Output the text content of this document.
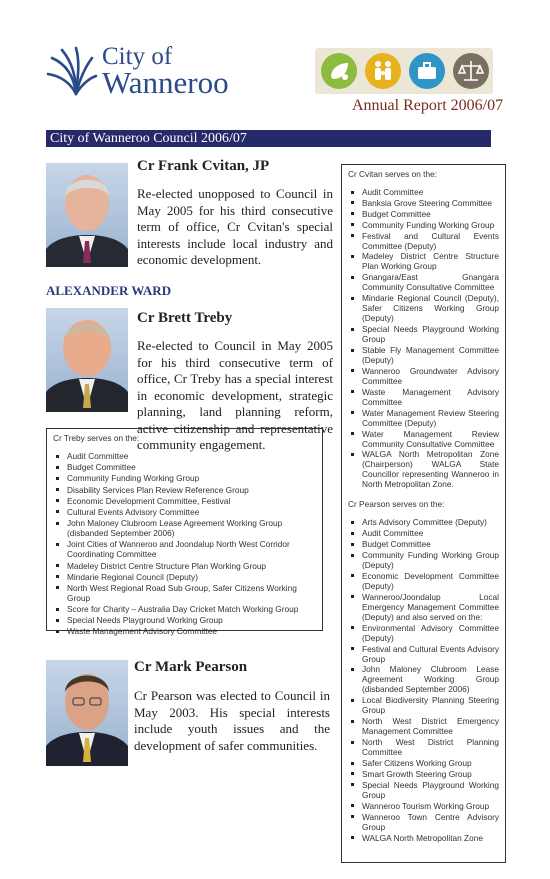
City of
Wanneroo
Annual Report 2006/07
City of Wanneroo Council 2006/07
Cr Frank Cvitan, JP
Re-elected unopposed to Council in May 2005 for his third consecutive term of office, Cr Cvitan's special interests include local industry and economic development.
ALEXANDER WARD
Cr Brett Treby
Re-elected to Council in May 2005 for his third consecutive term of office, Cr Treby has a special interest in economic development, strategic planning, land planning reform, active citizenship and representative community engagement.
Cr Treby serves on the:
Audit Committee
Budget Committee
Community Funding Working Group
Disability Services Plan Review Reference Group
Economic Development Committee, Festival
Cultural Events Advisory Committee
John Maloney Clubroom Lease Agreement Working Group (disbanded September 2006)
Joint Cities of Wanneroo and Joondalup North West Corridor Coordinating Committee
Madeley District Centre Structure Plan Working Group
Mindarie Regional Council (Deputy)
North West Regional Road Sub Group, Safer Citizens Working Group
Score for Charity – Australia Day Cricket Match Working Group
Special Needs Playground Working Group
Waste Management Advisory Committee
Cr Mark Pearson
Cr Pearson was elected to Council in May 2003. His special interests include youth issues and the development of safer communities.
Cr Cvitan serves on the:
Audit Committee
Banksia Grove Steering Committee
Budget Committee
Community Funding Working Group
Festival and Cultural Events Committee (Deputy)
Madeley District Centre Structure Plan Working Group
Gnangara/East Gnangara Community Consultative Committee
Mindarie Regional Council (Deputy), Safer Citizens Working Group (Deputy)
Special Needs Playground Working Group
Stable Fly Management Committee (Deputy)
Wanneroo Groundwater Advisory Committee
Waste Management Advisory Committee
Water Management Review Steering Committee (Deputy)
Water Management Review Community Consultative Committee
WALGA North Metropolitan Zone (Chairperson) WALGA State Councillor representing Wanneroo in North Metropolitan Zone.
Cr Pearson serves on the:
Arts Advisory Committee (Deputy)
Audit Committee
Budget Committee
Community Funding Working Group (Deputy)
Economic Development Committee (Deputy)
Wanneroo/Joondalup Local Emergency Management Committee (Deputy) and also served on the:
Environmental Advisory Committee (Deputy)
Festival and Cultural Events Advisory Group
John Maloney Clubroom Lease Agreement Working Group (disbanded September 2006)
Local Biodiversity Planning Steering Group
North West District Emergency Management Committee
North West District Planning Committee
Safer Citizens Working Group
Smart Growth Steering Group
Special Needs Playground Working Group
Wanneroo Tourism Working Group
Wanneroo Town Centre Advisory Group
WALGA North Metropolitan Zone
